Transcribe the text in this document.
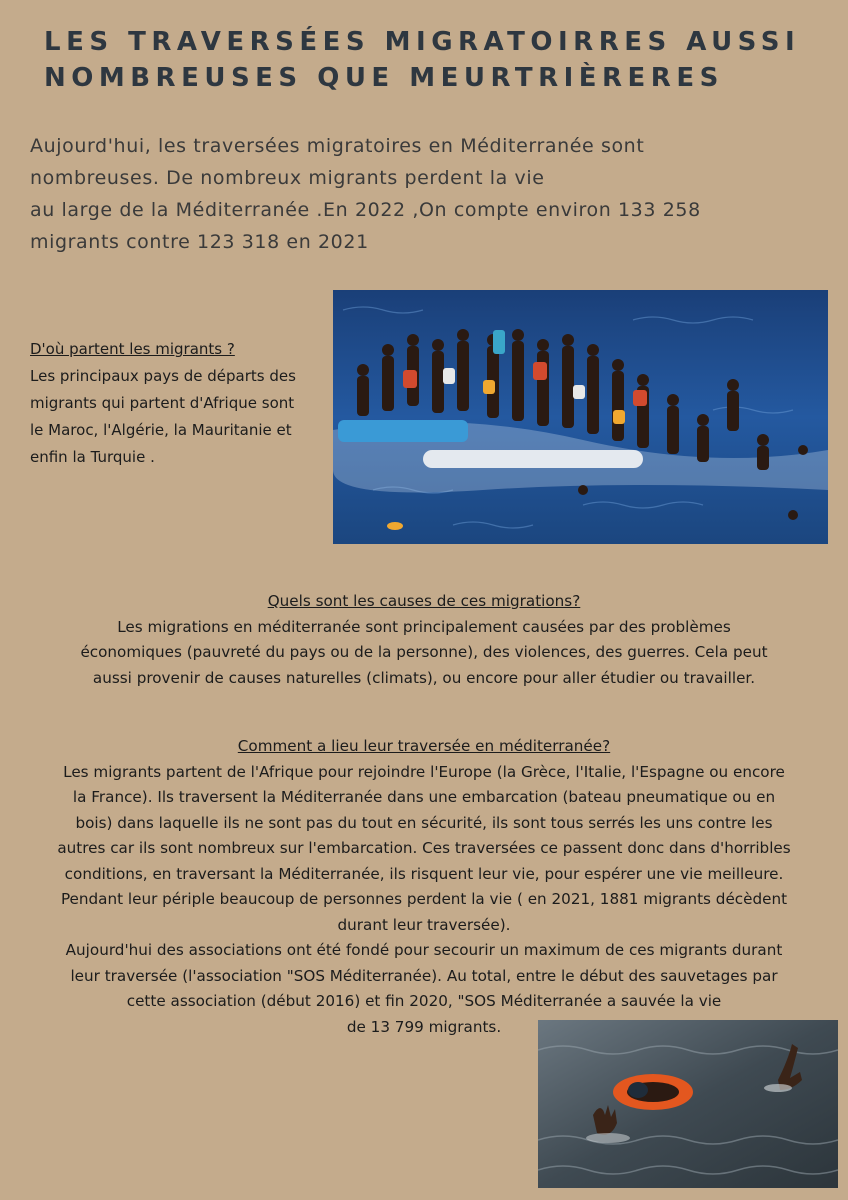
LES TRAVERSÉES MIGRATOIRRES AUSSI
NOMBREUSES QUE MEURTRIÈRERES
Aujourd'hui, les traversées migratoires en Méditerranée sont
nombreuses. De nombreux migrants perdent la vie
au large de la Méditerranée .En 2022 ,On compte environ 133 258
migrants contre 123 318 en 2021
D'où partent les migrants ?
Les principaux pays de départs des
migrants qui partent d'Afrique sont
le Maroc, l'Algérie, la Mauritanie et
enfin la Turquie .
Quels sont les causes de ces migrations?
Les migrations en méditerranée sont principalement causées par des problèmes
économiques (pauvreté du pays ou de la personne), des violences, des guerres. Cela peut
aussi provenir de causes naturelles (climats), ou encore pour aller étudier ou travailler.
Comment a lieu leur traversée en méditerranée?
Les migrants partent de l'Afrique pour rejoindre l'Europe (la Grèce, l'Italie, l'Espagne ou encore
la France). Ils traversent la Méditerranée dans une embarcation (bateau pneumatique ou en
bois) dans laquelle ils ne sont pas du tout en sécurité, ils sont tous serrés les uns contre les
autres car ils sont nombreux sur l'embarcation. Ces traversées ce passent donc dans d'horribles
conditions, en traversant la Méditerranée, ils risquent leur vie, pour espérer une vie meilleure.
Pendant leur périple beaucoup de personnes perdent la vie ( en 2021, 1881 migrants décèdent
durant leur traversée).
Aujourd'hui des associations ont été fondé pour secourir un maximum de ces migrants durant
leur traversée (l'association "SOS Méditerranée). Au total, entre le début des sauvetages par
cette association (début 2016) et fin 2020, "SOS Méditerranée a sauvée la vie
de 13 799 migrants.
